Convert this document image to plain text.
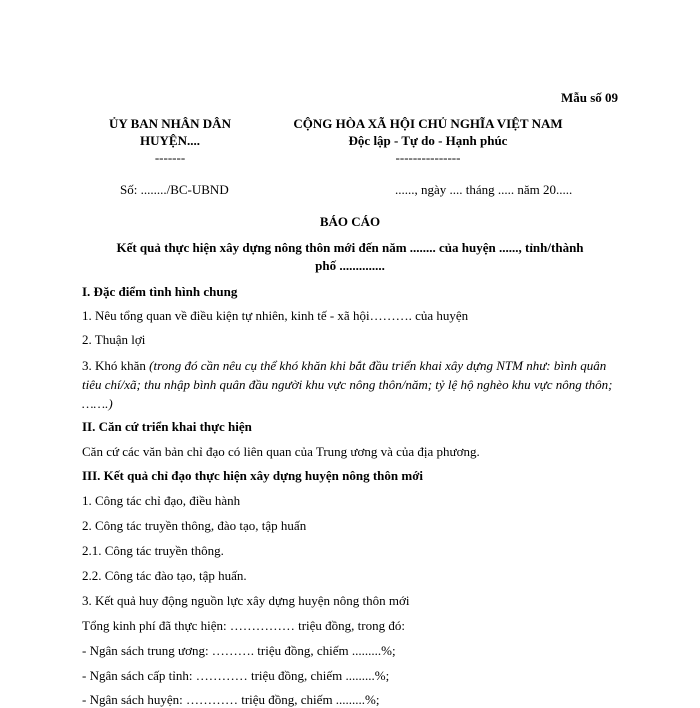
Mẫu số 09
ỦY BAN NHÂN DÂN
HUYỆN....
-------
CỘNG HÒA XÃ HỘI CHỦ NGHĨA VIỆT NAM
Độc lập - Tự do - Hạnh phúc
---------------
Số: ......../BC-UBND	......, ngày .... tháng ..... năm 20.....
BÁO CÁO
Kết quả thực hiện xây dựng nông thôn mới đến năm ........ của huyện ......, tỉnh/thành
phố ..............
I. Đặc điểm tình hình chung
1. Nêu tổng quan về điều kiện tự nhiên, kinh tế - xã hội………. của huyện
2. Thuận lợi
3. Khó khăn (trong đó cần nêu cụ thể khó khăn khi bắt đầu triển khai xây dựng NTM như: bình quân tiêu chí/xã; thu nhập bình quân đầu người khu vực nông thôn/năm; tỷ lệ hộ nghèo khu vực nông thôn; …….)
II. Căn cứ triển khai thực hiện
Căn cứ các văn bản chỉ đạo có liên quan của Trung ương và của địa phương.
III. Kết quả chỉ đạo thực hiện xây dựng huyện nông thôn mới
1. Công tác chỉ đạo, điều hành
2. Công tác truyền thông, đào tạo, tập huấn
2.1. Công tác truyền thông.
2.2. Công tác đào tạo, tập huấn.
3. Kết quả huy động nguồn lực xây dựng huyện nông thôn mới
Tổng kinh phí đã thực hiện: …………… triệu đồng, trong đó:
- Ngân sách trung ương: ………. triệu đồng, chiếm .........%;
- Ngân sách cấp tỉnh: ………… triệu đồng, chiếm .........%;
- Ngân sách huyện: ………… triệu đồng, chiếm .........%;
